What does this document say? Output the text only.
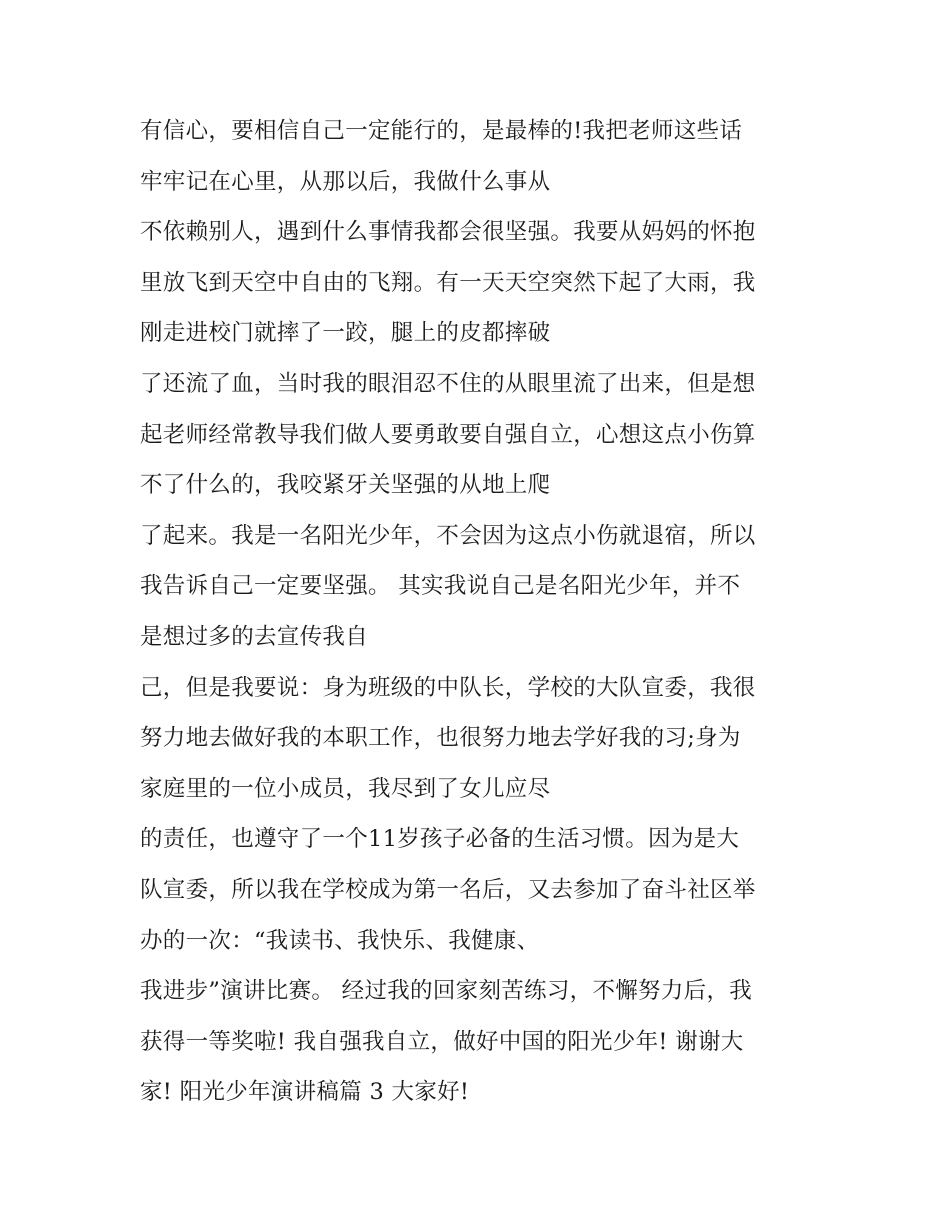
有信心，要相信自己一定能行的，是最棒的!我把老师这些话
牢牢记在心里，从那以后，我做什么事从
不依赖别人，遇到什么事情我都会很坚强。我要从妈妈的怀抱
里放飞到天空中自由的飞翔。有一天天空突然下起了大雨，我
刚走进校门就摔了一跤，腿上的皮都摔破
了还流了血，当时我的眼泪忍不住的从眼里流了出来，但是想
起老师经常教导我们做人要勇敢要自强自立，心想这点小伤算
不了什么的，我咬紧牙关坚强的从地上爬
了起来。我是一名阳光少年，不会因为这点小伤就退宿，所以
我告诉自己一定要坚强。 其实我说自己是名阳光少年，并不
是想过多的去宣传我自
己，但是我要说：身为班级的中队长，学校的大队宣委，我很
努力地去做好我的本职工作，也很努力地去学好我的习;身为
家庭里的一位小成员，我尽到了女儿应尽
的责任，也遵守了一个11岁孩子必备的生活习惯。因为是大
队宣委，所以我在学校成为第一名后，又去参加了奋斗社区举
办的一次：“我读书、我快乐、我健康、
我进步”演讲比赛。 经过我的回家刻苦练习，不懈努力后，我
获得一等奖啦! 我自强我自立，做好中国的阳光少年! 谢谢大
家! 阳光少年演讲稿篇 3 大家好!
